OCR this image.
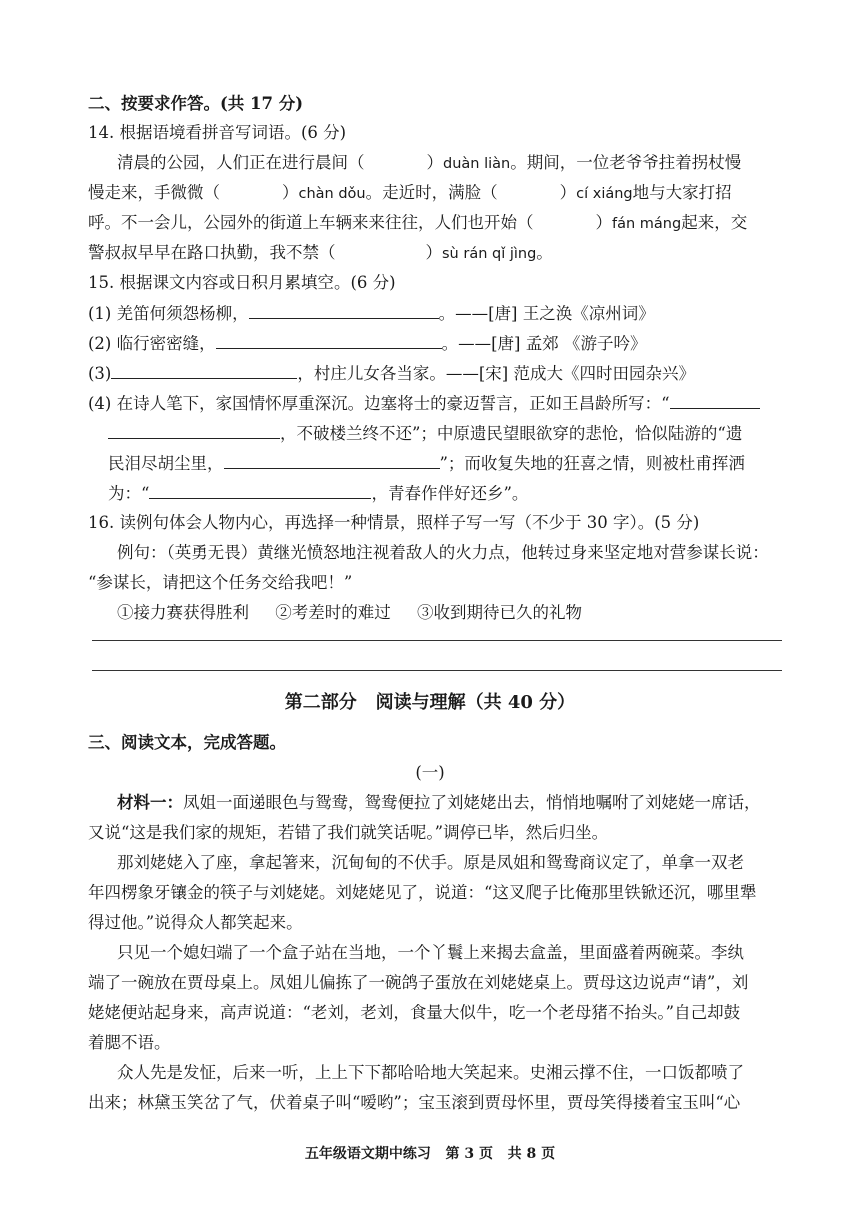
二、按要求作答。(共 17 分)
14. 根据语境看拼音写词语。(6 分)
清晨的公园，人们正在进行晨间（	）duàn liàn。期间，一位老爷爷拄着拐杖慢
慢走来，手微微（	）chàn dǒu。走近时，满脸（	）cí xiáng地与大家打招
呼。不一会儿，公园外的街道上车辆来来往往，人们也开始（	）fán máng起来，交
警叔叔早早在路口执勤，我不禁（	）sù rán qǐ jìng。
15. 根据课文内容或日积月累填空。(6 分)
(1) 羌笛何须怨杨柳，	。——[唐] 王之涣《凉州词》
(2) 临行密密缝，	。——[唐] 孟郊 《游子吟》
(3)	，村庄儿女各当家。——[宋] 范成大《四时田园杂兴》
(4) 在诗人笔下，家国情怀厚重深沉。边塞将士的豪迈誓言，正如王昌龄所写：“
，不破楼兰终不还”；中原遗民望眼欲穿的悲怆，恰似陆游的“遗
民泪尽胡尘里，	”；而收复失地的狂喜之情，则被杜甫挥洒
为：“	，青春作伴好还乡”。
16. 读例句体会人物内心，再选择一种情景，照样子写一写（不少于 30 字）。(5 分)
例句：（英勇无畏）黄继光愤怒地注视着敌人的火力点，他转过身来坚定地对营参谋长说：
“参谋长，请把这个任务交给我吧！”
①接力赛获得胜利     ②考差时的难过     ③收到期待已久的礼物
第二部分   阅读与理解（共 40 分）
三、阅读文本，完成答题。
(一)
材料一：凤姐一面递眼色与鸳鸯，鸳鸯便拉了刘姥姥出去，悄悄地嘱咐了刘姥姥一席话，
又说“这是我们家的规矩，若错了我们就笑话呢。”调停已毕，然后归坐。
那刘姥姥入了座，拿起箸来，沉甸甸的不伏手。原是凤姐和鸳鸯商议定了，单拿一双老
年四楞象牙镶金的筷子与刘姥姥。刘姥姥见了，说道：“这叉爬子比俺那里铁锨还沉，哪里犟
得过他。”说得众人都笑起来。
只见一个媳妇端了一个盒子站在当地，一个丫鬟上来揭去盒盖，里面盛着两碗菜。李纨
端了一碗放在贾母桌上。凤姐儿偏拣了一碗鸽子蛋放在刘姥姥桌上。贾母这边说声“请”，刘
姥姥便站起身来，高声说道：“老刘，老刘，食量大似牛，吃一个老母猪不抬头。”自己却鼓
着腮不语。
众人先是发怔，后来一听，上上下下都哈哈地大笑起来。史湘云撑不住，一口饭都喷了
出来；林黛玉笑岔了气，伏着桌子叫“嗳哟”；宝玉滚到贾母怀里，贾母笑得搂着宝玉叫“心
五年级语文期中练习   第 3 页   共 8 页
